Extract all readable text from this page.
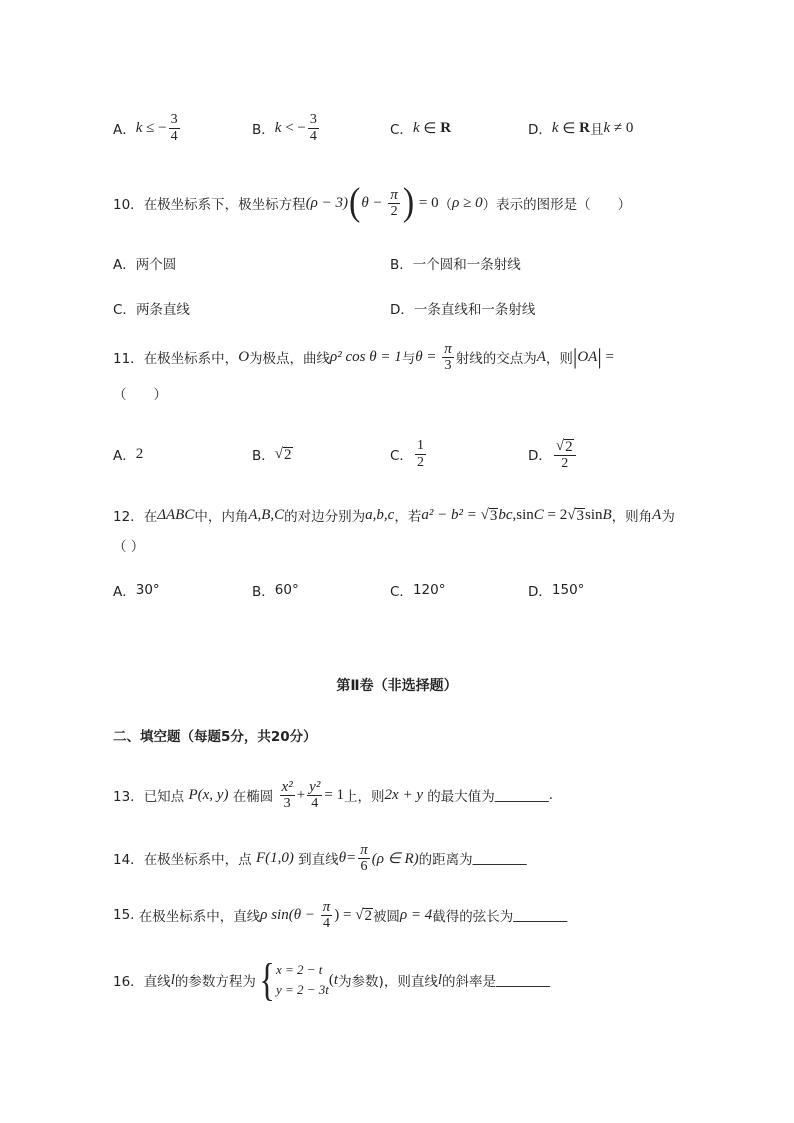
A． k ≤ − $\frac{3}{4}$	B． k < − $\frac{3}{4}$	C． k ∈ R	D． k ∈ R 且 k ≠ 0
10． 在极坐标系下，极坐标方程 (ρ − 3) ( $\theta - \frac{\pi}{2}$ ) = 0 （ ρ ≥ 0 ） 表示的图形是（　　）
A． 两个圆	B． 一个圆和一条射线
C． 两条直线	D． 一条直线和一条射线
11． 在极坐标系中， O 为极点，曲线 ρ² cos θ = 1 与 $\theta = \frac{\pi}{3}$ 射线的交点为 A ，则 | OA | =
（　　）
A． 2	B． √ 2	C． $\frac{1}{2}$	D． $\frac{√ 2}{2}$
12． 在 ΔABC 中，内角 A,B,C 的对边分别为 a,b,c ，若 a² − b² = √ 3 bc ,sin C = 2 √ 3 sin B ，则角 A 为
（ ）
A． 30°	B． 60°	C． 120°	D． 150°
第Ⅱ卷（非选择题）
二、填空题（每题5分，共20分）
13． 已知点 P(x, y) 在椭圆 $\frac{\text{x²}}{3} + \frac{\text{y²}}{4} = 1$ 上，则 2x + y 的最大值为 ________ .
14． 在极坐标系中，点 F(1,0) 到直线 $\theta= \frac{\pi}{6} (\rho$ ∈ R) 的距离为 ________
15. 在极坐标系中，直线 ρ $\sin(\theta - \frac{\pi}{4}$ ) = √ 2 被圆 ρ = 4 截得的弦长为 ________
16． 直线 l 的参数方程为 { x = 2 − t
y = 2 − 3t
( t 为参数) ，则直线 l 的斜率是 ________
